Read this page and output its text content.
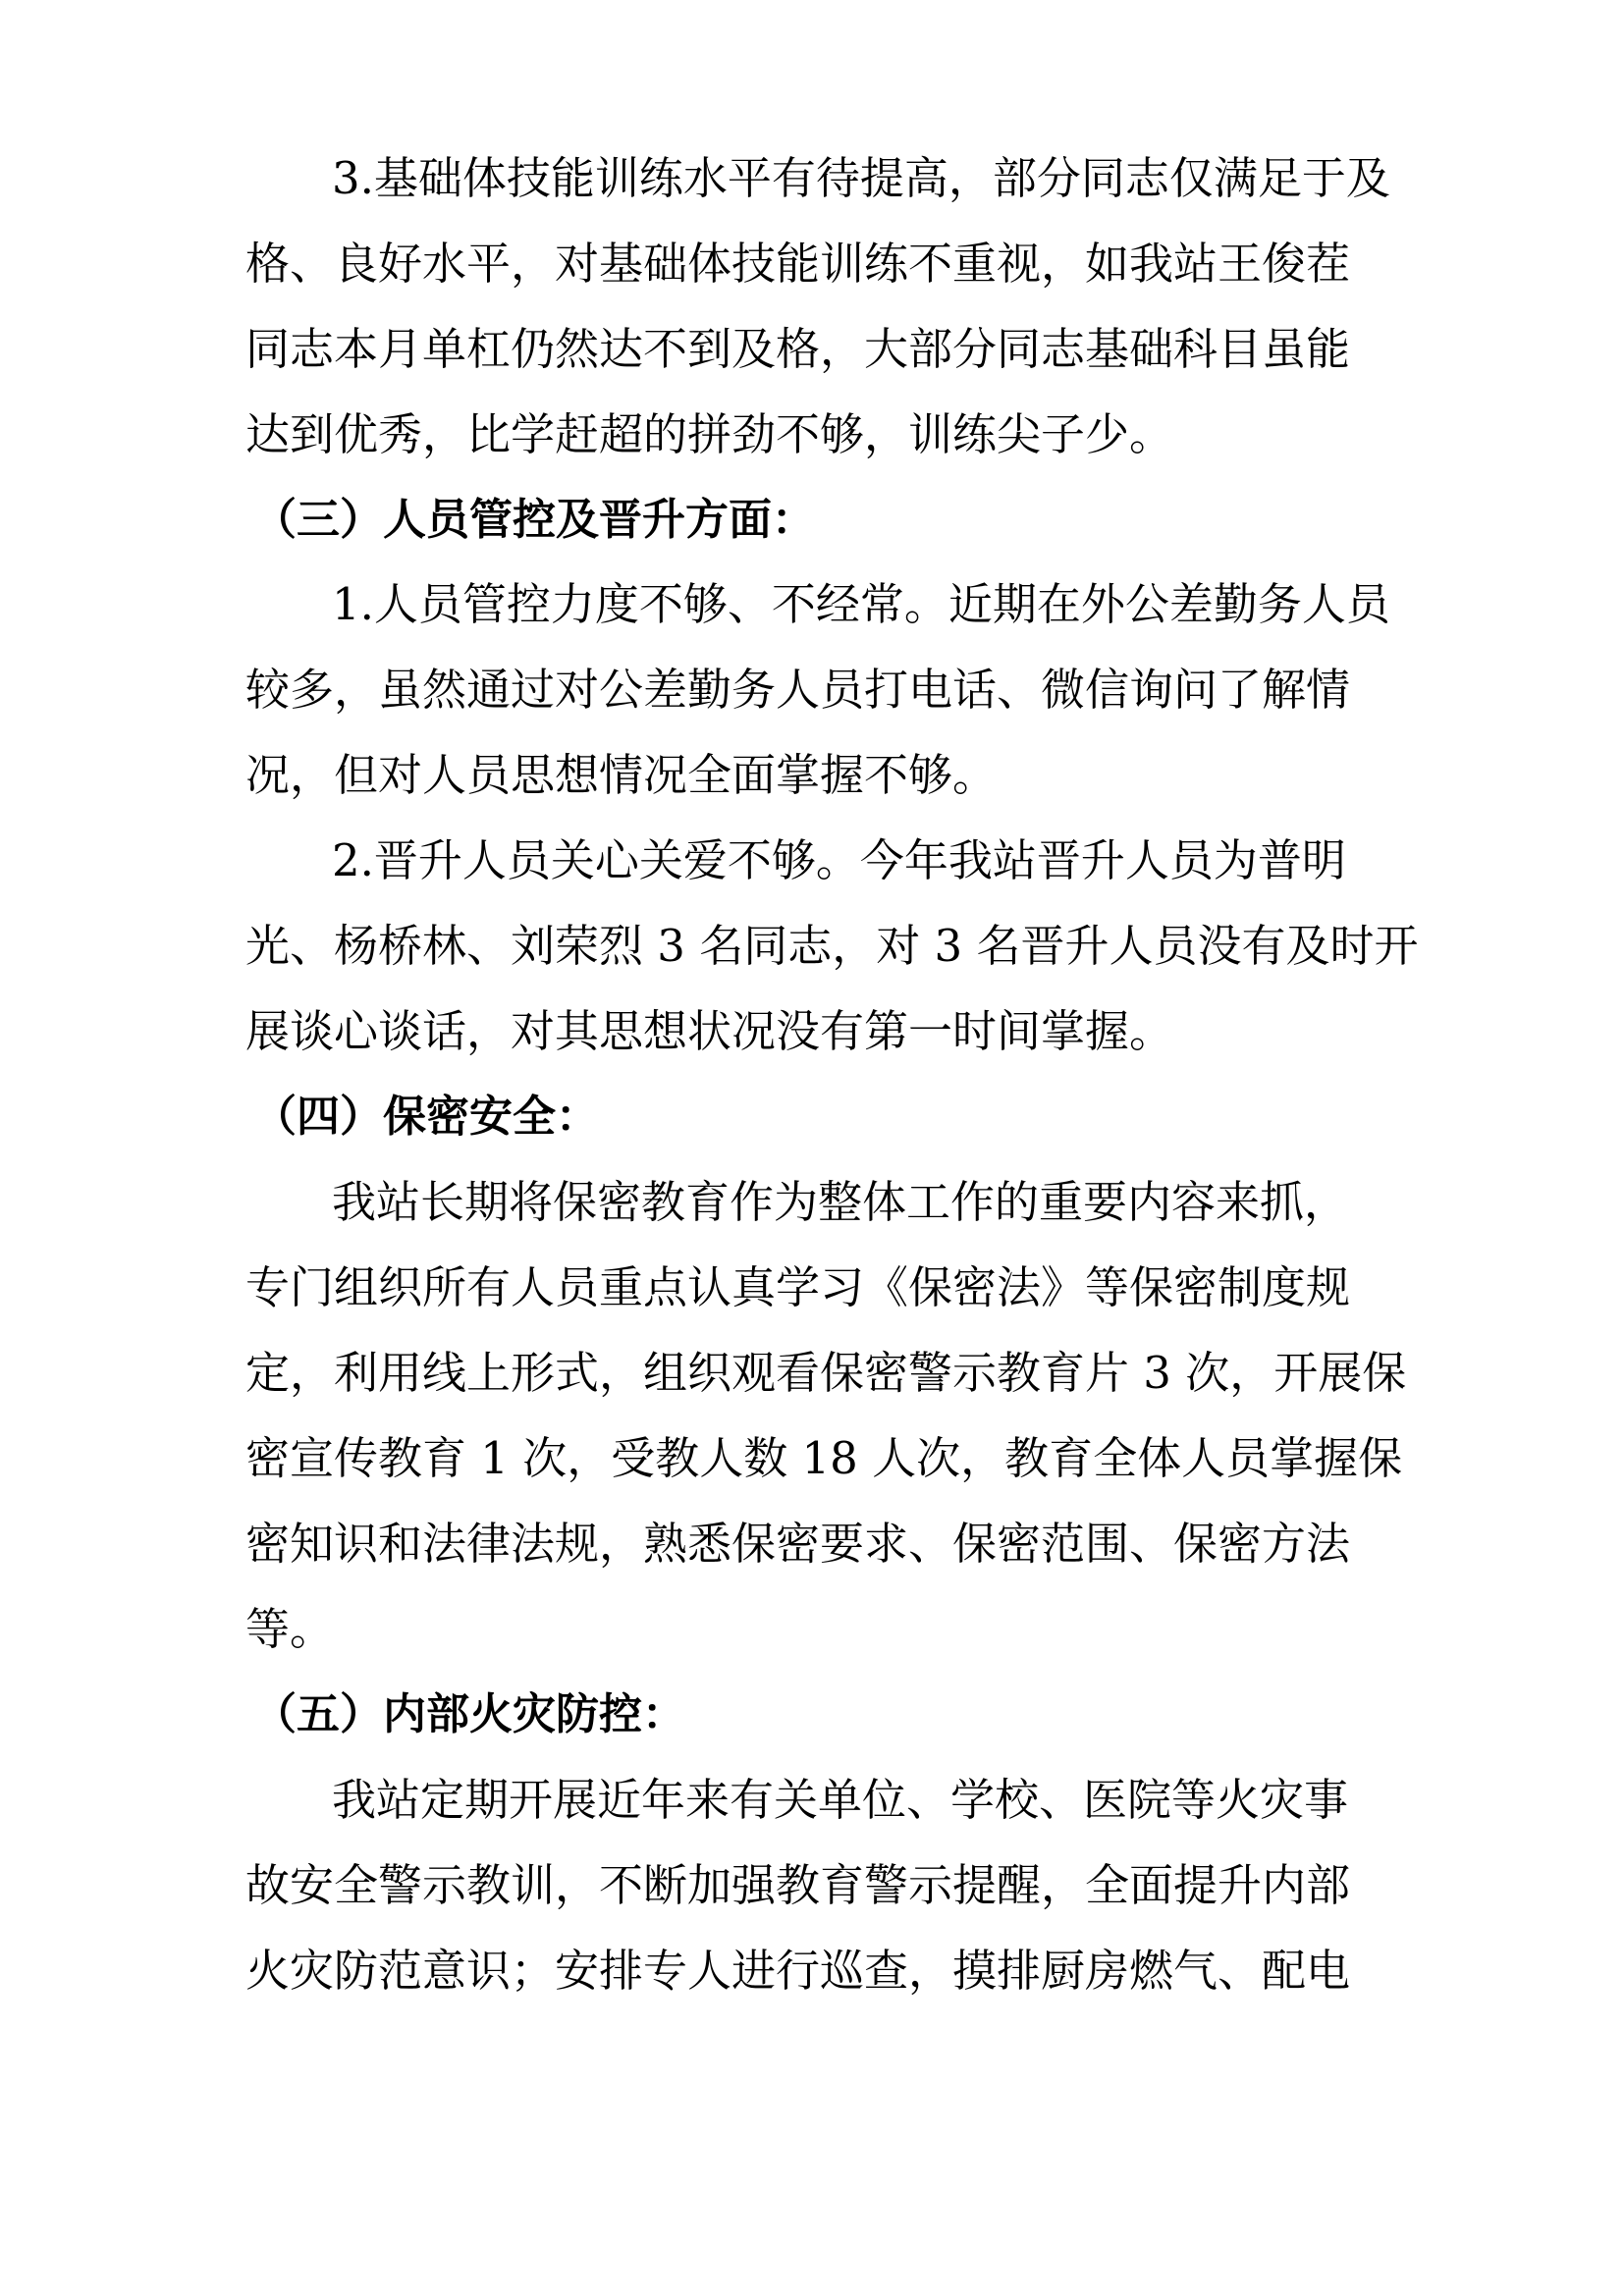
3.基础体技能训练水平有待提高，部分同志仅满足于及

格、良好水平，对基础体技能训练不重视，如我站王俊茬

同志本月单杠仍然达不到及格，大部分同志基础科目虽能

达到优秀，比学赶超的拼劲不够，训练尖子少。

（三）人员管控及晋升方面：

1.人员管控力度不够、不经常。近期在外公差勤务人员

较多，虽然通过对公差勤务人员打电话、微信询问了解情

况，但对人员思想情况全面掌握不够。

2.晋升人员关心关爱不够。今年我站晋升人员为普明

光、杨桥林、刘荣烈 3 名同志，对 3 名晋升人员没有及时开

展谈心谈话，对其思想状况没有第一时间掌握。

（四）保密安全：

我站长期将保密教育作为整体工作的重要内容来抓，

专门组织所有人员重点认真学习《保密法》等保密制度规

定，利用线上形式，组织观看保密警示教育片 3 次，开展保

密宣传教育 1 次，受教人数 18 人次，教育全体人员掌握保

密知识和法律法规，熟悉保密要求、保密范围、保密方法

等。

（五）内部火灾防控：

我站定期开展近年来有关单位、学校、医院等火灾事

故安全警示教训，不断加强教育警示提醒，全面提升内部

火灾防范意识；安排专人进行巡查，摸排厨房燃气、配电
